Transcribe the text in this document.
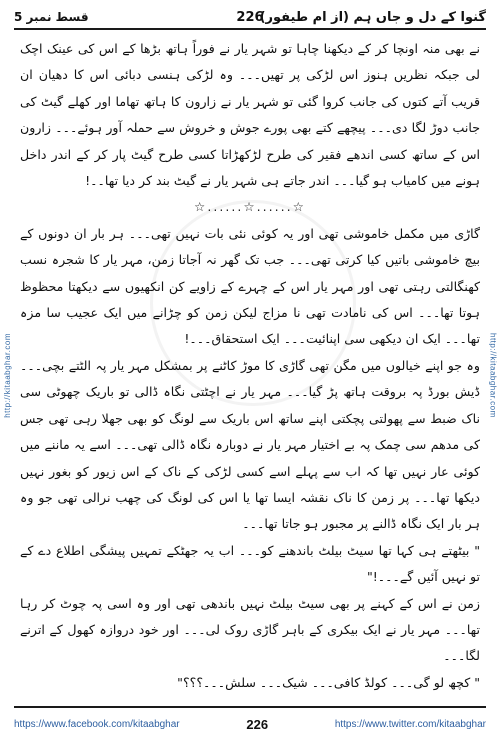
قسط نمبر 5	226
گنوا کے دل و جاں ہم (از ام طیفور)
http://kitaabghar.com	http://kitaabghar.com

نے بھی منہ اونچا کر کے دیکھنا چاہا تو شہر یار نے فوراً ہاتھ بڑھا کے اس کی عینک اچک لی جبکہ نظریں ہنوز اس لڑکی پر تھیں۔۔۔ وہ لڑکی ہنسی دبائی اس کا دھیان ان قریب آتے کتوں کی جانب کروا گئی تو شہر یار نے زارون کا ہاتھ تھاما اور کھلے گیٹ کی جانب دوڑ لگا دی۔۔۔ پیچھے کتے بھی پورے جوش و خروش سے حملہ آور ہوئے۔۔۔ زارون اس کے ساتھ کسی اندھے فقیر کی طرح لڑکھڑاتا کسی طرح گیٹ پار کر کے اندر داخل ہونے میں کامیاب ہو گیا۔۔۔ اندر جاتے ہی شہر یار نے گیٹ بند کر دیا تھا۔۔!

☆......☆......☆

گاڑی میں مکمل خاموشی تھی اور یہ کوئی نئی بات نہیں تھی۔۔۔ ہر بار ان دونوں کے بیچ خاموشی باتیں کیا کرتی تھی۔۔۔ جب تک گھر نہ آجاتا زمن، مہر یار کا شجرہ نسب کھنگالتی رہتی تھی اور مہر یار اس کے چہرے کے زاویے کن انکھیوں سے دیکھتا محظوظ ہوتا تھا۔۔۔ اس کی نامادت تھی نا مزاج لیکن زمن کو چڑانے میں ایک عجیب سا مزہ تھا۔۔۔ ایک ان دیکھی سی اپنائیت۔۔۔ ایک استحقاق۔۔۔!

وہ جو اپنے خیالوں میں مگن تھی گاڑی کا موڑ کاٹنے پر بمشکل مہر یار پہ الٹتے بچی۔۔۔ ڈیش بورڈ پہ بروقت ہاتھ پڑ گیا۔۔۔ مہر یار نے اچٹتی نگاہ ڈالی تو باریک چھوٹی سی ناک ضبط سے پھولتی پچکتی اپنے ساتھ اس باریک سے لونگ کو بھی جھلا رہی تھی جس کی مدھم سی چمک پہ بے اختیار مہر یار نے دوبارہ نگاہ ڈالی تھی۔۔۔ اسے یہ ماننے میں کوئی عار نہیں تھا کہ اب سے پہلے اسے کسی لڑکی کے ناک کے اس زیور کو بغور نہیں دیکھا تھا۔۔۔ پر زمن کا ناک نقشہ ایسا تھا یا اس کی لونگ کی چھب نرالی تھی جو وہ ہر بار ایک نگاہ ڈالنے پر مجبور ہو جاتا تھا۔۔۔

" بیٹھتے ہی کہا تھا سیٹ بیلٹ باندھنے کو۔۔۔ اب یہ جھٹکے تمہیں پیشگی اطلاع دے کے تو نہیں آئیں گے۔۔۔!"

زمن نے اس کے کہنے پر بھی سیٹ بیلٹ نہیں باندھی تھی اور وہ اسی پہ چوٹ کر رہا تھا۔۔۔ مہر یار نے ایک بیکری کے باہر گاڑی روک لی۔۔۔ اور خود دروازہ کھول کے اترنے لگا۔۔۔

" کچھ لو گی۔۔۔ کولڈ کافی۔۔۔ شیک۔۔۔ سلش۔۔۔؟؟؟"

https://www.facebook.com/kitaabghar	226	https://www.twitter.com/kitaabghar
